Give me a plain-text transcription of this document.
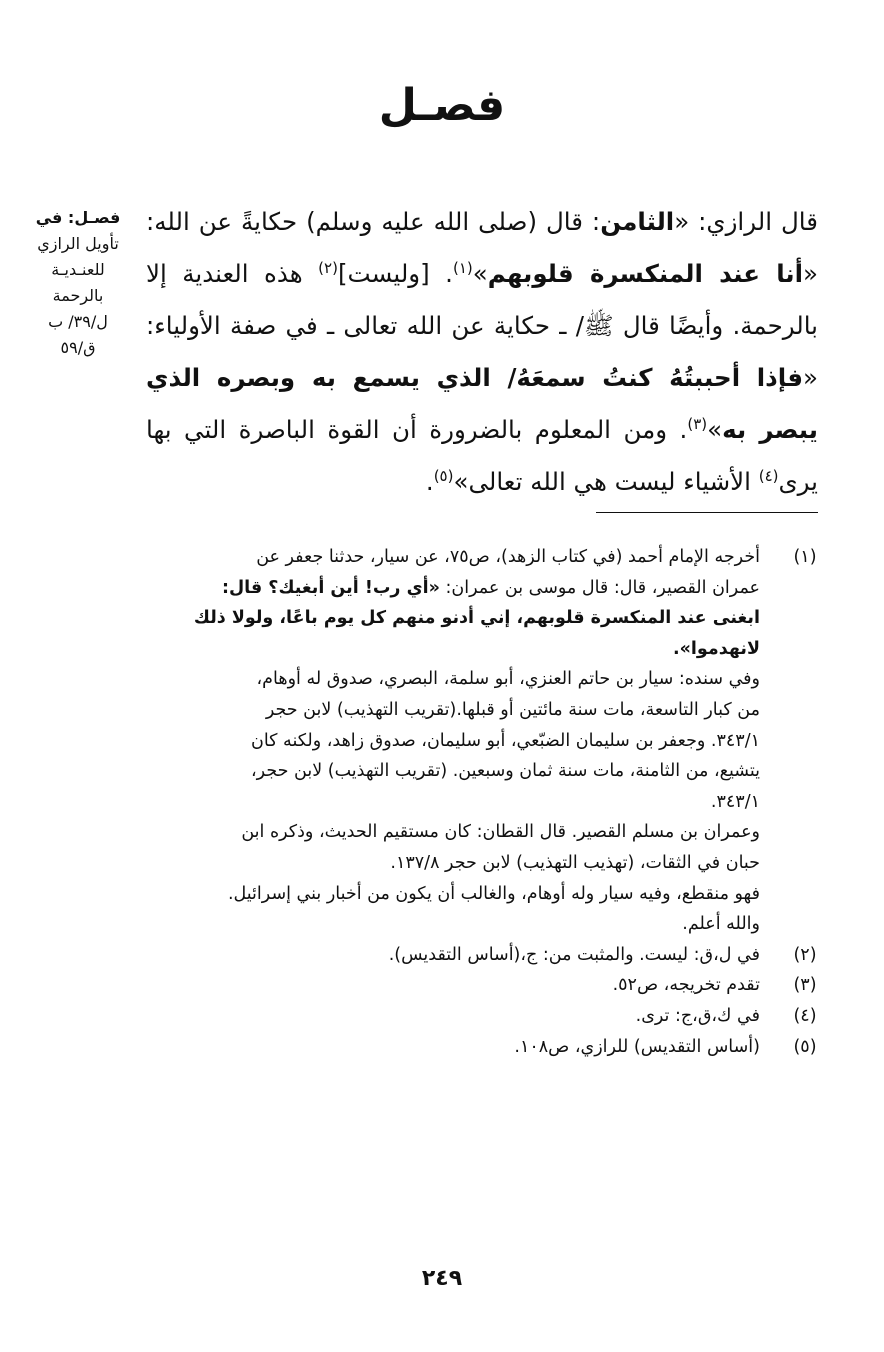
فصـل
فصـل: في
تأويل الرازي
للعنـديـة
بالرحمة
ل/٣٩/ ب
ق/٥٩
قال الرازي: «الثامن: قال (صلى الله عليه وسلم) حكايةً عن الله: «أنا عند المنكسرة قلوبهم»$^{(١)}$. [وليست]$^{(٢)}$ هذه العندية إلا بالرحمة. وأيضًا قال ﷺ/ ـ حكاية عن الله تعالى ـ في صفة الأولياء: «فإذا أحببتُهُ كنتُ سمعَهُ/ الذي يسمع به وبصره الذي يبصر به»$^{(٣)}$. ومن المعلوم بالضرورة أن القوة الباصرة التي بها يرى$^{(٤)}$ الأشياء ليست هي الله تعالى»$^{(٥)}$.
(١)
أخرجه الإمام أحمد (في كتاب الزهد)، ص٧٥، عن سيار، حدثنا جعفر عن
عمران القصير، قال: قال موسى بن عمران: «أي رب! أين أبغيك؟ قال:
ابغنى عند المنكسرة قلوبهم، إني أدنو منهم كل يوم باعًا، ولولا ذلك
لانهدموا».
وفي سنده: سيار بن حاتم العنزي، أبو سلمة، البصري، صدوق له أوهام،
من كبار التاسعة، مات سنة مائتين أو قبلها.(تقريب التهذيب) لابن حجر
٣٤٣/١. وجعفر بن سليمان الضبّعي، أبو سليمان، صدوق زاهد، ولكنه كان
يتشيع، من الثامنة، مات سنة ثمان وسبعين. (تقريب التهذيب) لابن حجر،
٣٤٣/١.
وعمران بن مسلم القصير. قال القطان: كان مستقيم الحديث، وذكره ابن
حبان في الثقات، (تهذيب التهذيب) لابن حجر ١٣٧/٨.
فهو منقطع، وفيه سيار وله أوهام، والغالب أن يكون من أخبار بني إسرائيل.
والله أعلم.
(٢)
في ل،ق: ليست. والمثبت من: ج،(أساس التقديس).
(٣)
تقدم تخريجه، ص٥٢.
(٤)
في ك،ق،ج: ترى.
(٥)
(أساس التقديس) للرازي، ص١٠٨.
٢٤٩
